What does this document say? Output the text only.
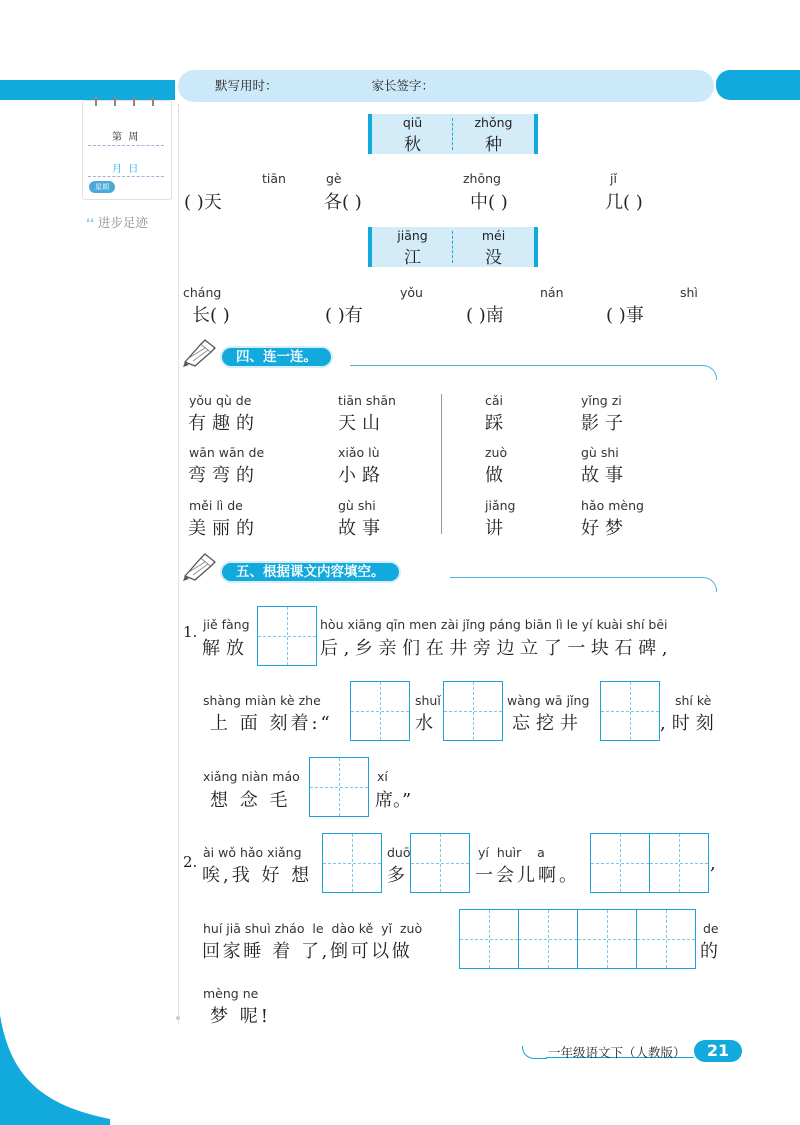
默写用时：	家长签字：
第  周
月  日
星期
❛❛ 进步足迹
qiū
秋
zhǒng
种
tiān
( )天
gè
各( )
zhōng
中( )
jǐ
几( )
jiāng
江
méi
没
cháng
长( )
yǒu
( )有
nán
( )南
shì
( )事
四、连一连。
yǒu qù de
有趣的
tiān shān
天山
cǎi
踩
yǐng zi
影子
wān wān de
弯弯的
xiǎo lù
小路
zuò
做
gù shi
故事
měi lì de
美丽的
gù shi
故事
jiǎng
讲
hǎo mèng
好梦
五、根据课文内容填空。
1. jiě fàng
解放
hòu xiāng qīn men zài jǐng páng biān lì le yí kuài shí bēi
后,乡亲们在井旁边立了一块石碑,
shàng miàn kè zhe
上 面 刻着:“
shuǐ
水
wàng wā jǐng
忘挖井
shí kè
,时刻
xiǎng niàn máo
想 念 毛
xí
席。”
2.
ài wǒ hǎo xiǎng
唉,我 好 想
duō
多
yí  huìr    a
一会儿啊。
,
huí jiā shuì zháo  le  dào kě  yǐ  zuò
回家睡 着 了,倒可以做
de
的
mèng ne
梦 呢!
一年级语文下（人教版）	21
